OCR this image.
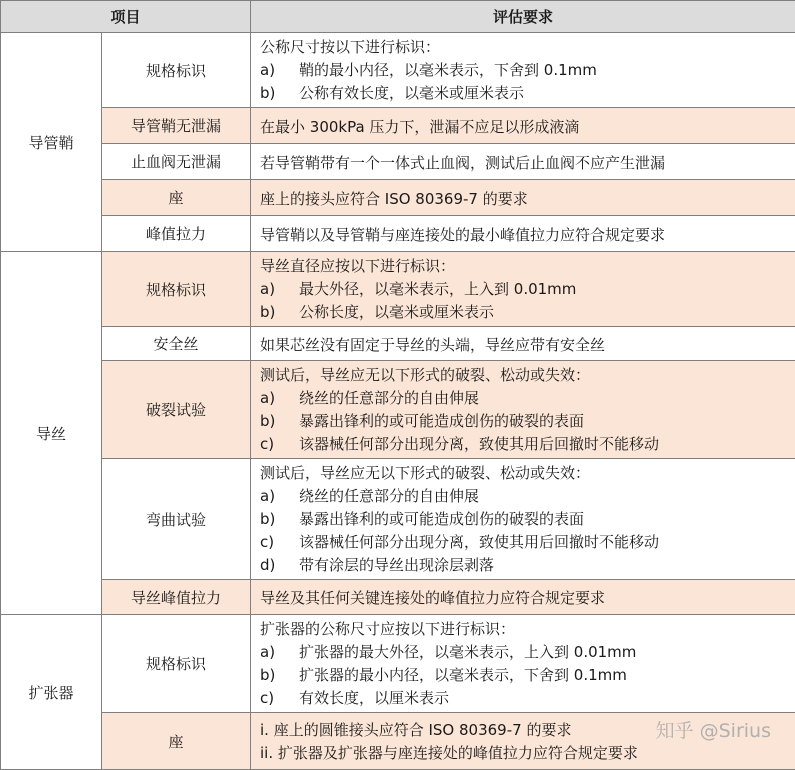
项目		评估要求
导管鞘	规格标识	公称尺寸按以下进行标识：
a) 鞘的最小内径，以毫米表示，下舍到 0.1mm
b) 公称有效长度，以毫米或厘米表示

	导管鞘无泄漏	在最小 300kPa 压力下，泄漏不应足以形成液滴
	止血阀无泄漏	若导管鞘带有一个一体式止血阀，测试后止血阀不应产生泄漏
	座	座上的接头应符合 ISO 80369-7 的要求
	峰值拉力	导管鞘以及导管鞘与座连接处的最小峰值拉力应符合规定要求
导丝	规格标识	导丝直径应按以下进行标识：
a) 最大外径，以毫米表示，上入到 0.01mm
b) 公称长度，以毫米或厘米表示

	安全丝	如果芯丝没有固定于导丝的头端，导丝应带有安全丝
	破裂试验	测试后，导丝应无以下形式的破裂、松动或失效：
a) 绕丝的任意部分的自由伸展
b) 暴露出锋利的或可能造成创伤的破裂的表面
c) 该器械任何部分出现分离，致使其用后回撤时不能移动

	弯曲试验	测试后，导丝应无以下形式的破裂、松动或失效：
a) 绕丝的任意部分的自由伸展
b) 暴露出锋利的或可能造成创伤的破裂的表面
c) 该器械任何部分出现分离，致使其用后回撤时不能移动
d) 带有涂层的导丝出现涂层剥落

	导丝峰值拉力	导丝及其任何关键连接处的峰值拉力应符合规定要求
扩张器	规格标识	扩张器的公称尺寸应按以下进行标识：
a) 扩张器的最大外径，以毫米表示，上入到 0.01mm
b) 扩张器的最小内径，以毫米表示，下舍到 0.1mm
c) 有效长度，以厘米表示

	座	i. 座上的圆锥接头应符合 ISO 80369-7 的要求
ii. 扩张器及扩张器与座连接处的峰值拉力应符合规定要求 知乎 @Sirius
